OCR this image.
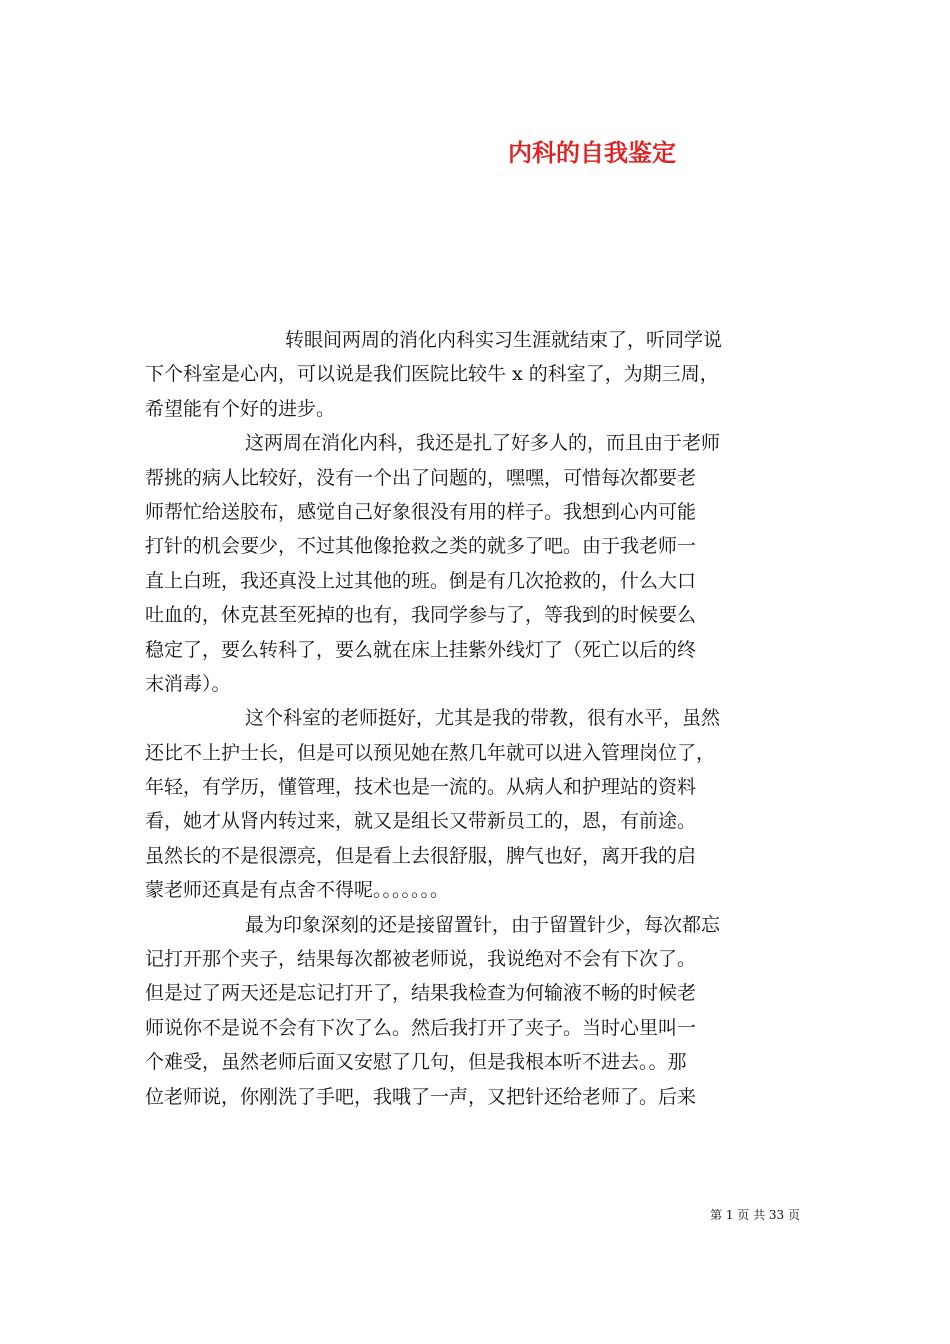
内科的自我鉴定
转眼间两周的消化内科实习生涯就结束了，听同学说
下个科室是心内，可以说是我们医院比较牛 x 的科室了，为期三周，
希望能有个好的进步。
这两周在消化内科，我还是扎了好多人的，而且由于老师
帮挑的病人比较好，没有一个出了问题的，嘿嘿，可惜每次都要老
师帮忙给送胶布，感觉自己好象很没有用的样子。我想到心内可能
打针的机会要少，不过其他像抢救之类的就多了吧。由于我老师一
直上白班，我还真没上过其他的班。倒是有几次抢救的，什么大口
吐血的，休克甚至死掉的也有，我同学参与了，等我到的时候要么
稳定了，要么转科了，要么就在床上挂紫外线灯了（死亡以后的终
末消毒）。
这个科室的老师挺好，尤其是我的带教，很有水平，虽然
还比不上护士长，但是可以预见她在熬几年就可以进入管理岗位了，
年轻，有学历，懂管理，技术也是一流的。从病人和护理站的资料
看，她才从肾内转过来，就又是组长又带新员工的，恩，有前途。
虽然长的不是很漂亮，但是看上去很舒服，脾气也好，离开我的启
蒙老师还真是有点舍不得呢。。。。。。。
最为印象深刻的还是接留置针，由于留置针少，每次都忘
记打开那个夹子，结果每次都被老师说，我说绝对不会有下次了。
但是过了两天还是忘记打开了，结果我检查为何输液不畅的时候老
师说你不是说不会有下次了么。然后我打开了夹子。当时心里叫一
个难受，虽然老师后面又安慰了几句，但是我根本听不进去。。那
位老师说，你刚洗了手吧，我哦了一声，又把针还给老师了。后来
第 1 页 共 33 页
